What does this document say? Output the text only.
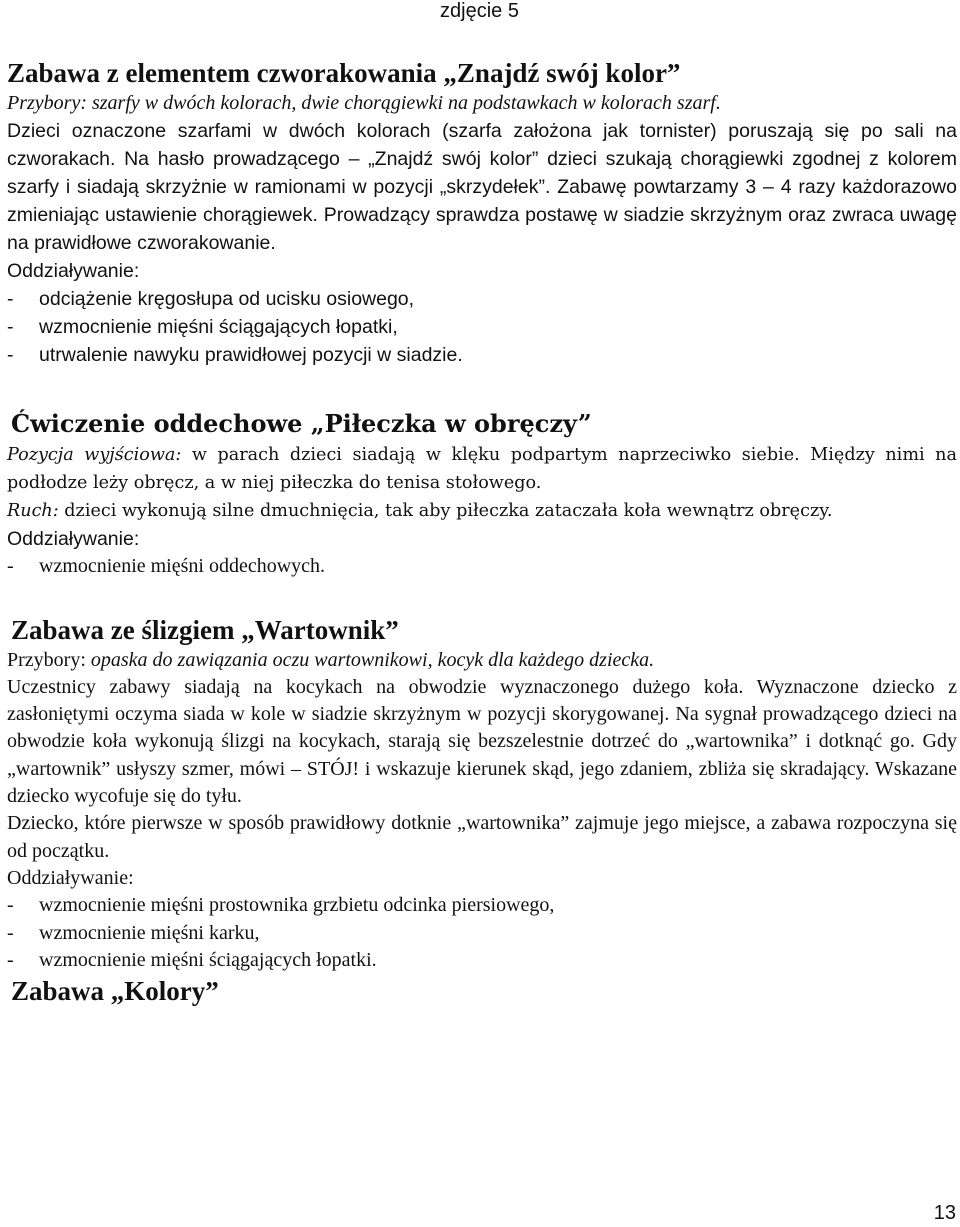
zdjęcie 5
Zabawa z elementem czworakowania „Znajdź swój kolor”

Przybory: szarfy w dwóch kolorach, dwie chorągiewki na podstawkach w kolorach szarf.

Dzieci oznaczone szarfami w dwóch kolorach (szarfa założona jak tornister) poruszają się po sali na czworakach. Na hasło prowadzącego – „Znajdź swój kolor” dzieci szukają chorągiewki zgodnej z kolorem szarfy i siadają skrzyżnie w ramionami w pozycji „skrzydełek”. Zabawę powtarzamy 3 – 4 razy każdorazowo zmieniając ustawienie chorągiewek. Prowadzący sprawdza postawę w siadzie skrzyżnym oraz zwraca uwagę na prawidłowe czworakowanie.

Oddziaływanie:

- odciążenie kręgosłupa od ucisku osiowego,
- wzmocnienie mięśni ściągających łopatki,
- utrwalenie nawyku prawidłowej pozycji w siadzie.
Ćwiczenie oddechowe „Piłeczka w obręczy”

Pozycja wyjściowa: w parach dzieci siadają w klęku podpartym naprzeciwko siebie. Między nimi na podłodze leży obręcz, a w niej piłeczka do tenisa stołowego.

Ruch: dzieci wykonują silne dmuchnięcia, tak aby piłeczka zataczała koła wewnątrz obręczy.

Oddziaływanie:

- wzmocnienie mięśni oddechowych.
Zabawa ze ślizgiem „Wartownik”

Przybory: opaska do zawiązania oczu wartownikowi, kocyk dla każdego dziecka.

Uczestnicy zabawy siadają na kocykach na obwodzie wyznaczonego dużego koła. Wyznaczone dziecko z zasłoniętymi oczyma siada w kole w siadzie skrzyżnym w pozycji skorygowanej. Na sygnał prowadzącego dzieci na obwodzie koła wykonują ślizgi na kocykach, starają się bezszelestnie dotrzeć do „wartownika” i dotknąć go. Gdy „wartownik” usłyszy szmer, mówi – STÓJ! i wskazuje kierunek skąd, jego zdaniem, zbliża się skradający. Wskazane dziecko wycofuje się do tyłu.

Dziecko, które pierwsze w sposób prawidłowy dotknie „wartownika” zajmuje jego miejsce, a zabawa rozpoczyna się od początku.

Oddziaływanie:

- wzmocnienie mięśni prostownika grzbietu odcinka piersiowego,
- wzmocnienie mięśni karku,
- wzmocnienie mięśni ściągających łopatki.
Zabawa „Kolory”
13
